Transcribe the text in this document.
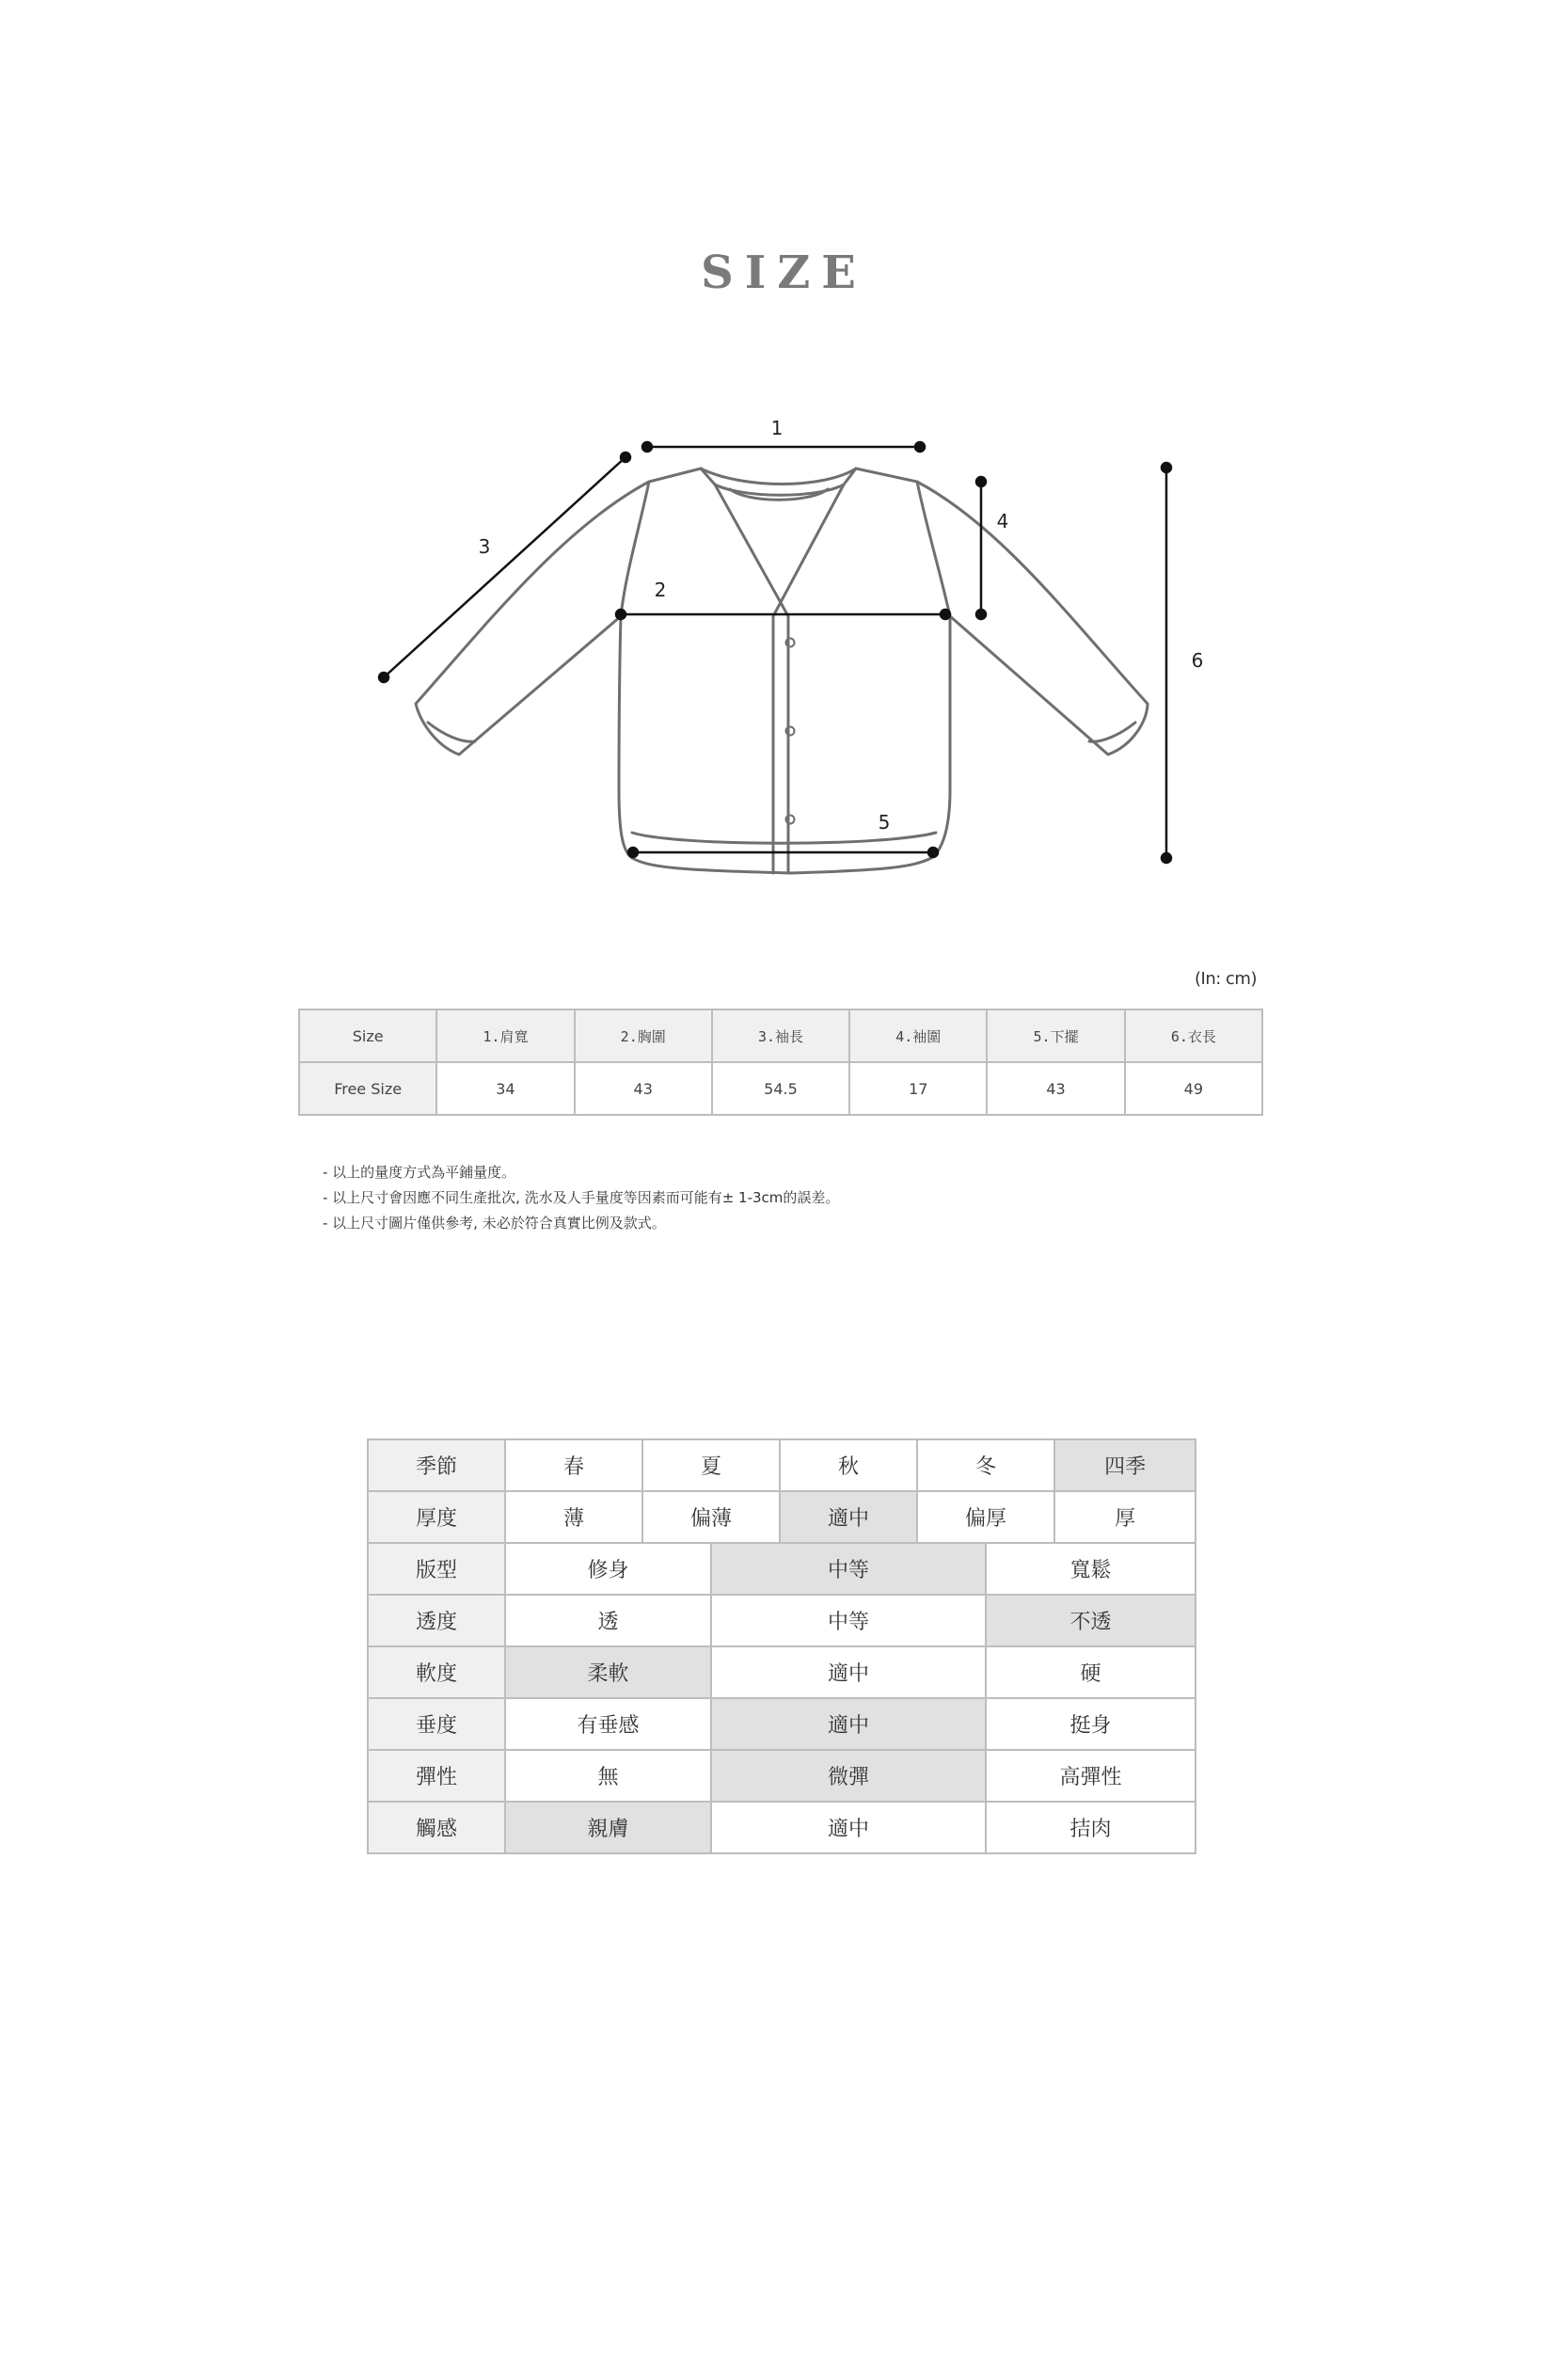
SIZE
1
2
3
4
5
6
(In: cm)
Size	1.肩寬	2.胸圍	3.袖長	4.袖圍	5.下擺	6.衣長
Free Size	34	43	54.5	17	43	49
- 以上的量度方式為平鋪量度。
- 以上尺寸會因應不同生產批次, 洗水及人手量度等因素而可能有± 1-3cm的誤差。
- 以上尺寸圖片僅供參考, 未必於符合真實比例及款式。
季節	春	夏		秋	冬		四季
厚度	薄	偏薄		適中	偏厚		厚
版型	修身		中等			寬鬆	
透度	透		中等			不透	
軟度	柔軟		適中			硬	
垂度	有垂感		適中			挺身	
彈性	無		微彈			高彈性	
觸感	親膚		適中			拮肉	
